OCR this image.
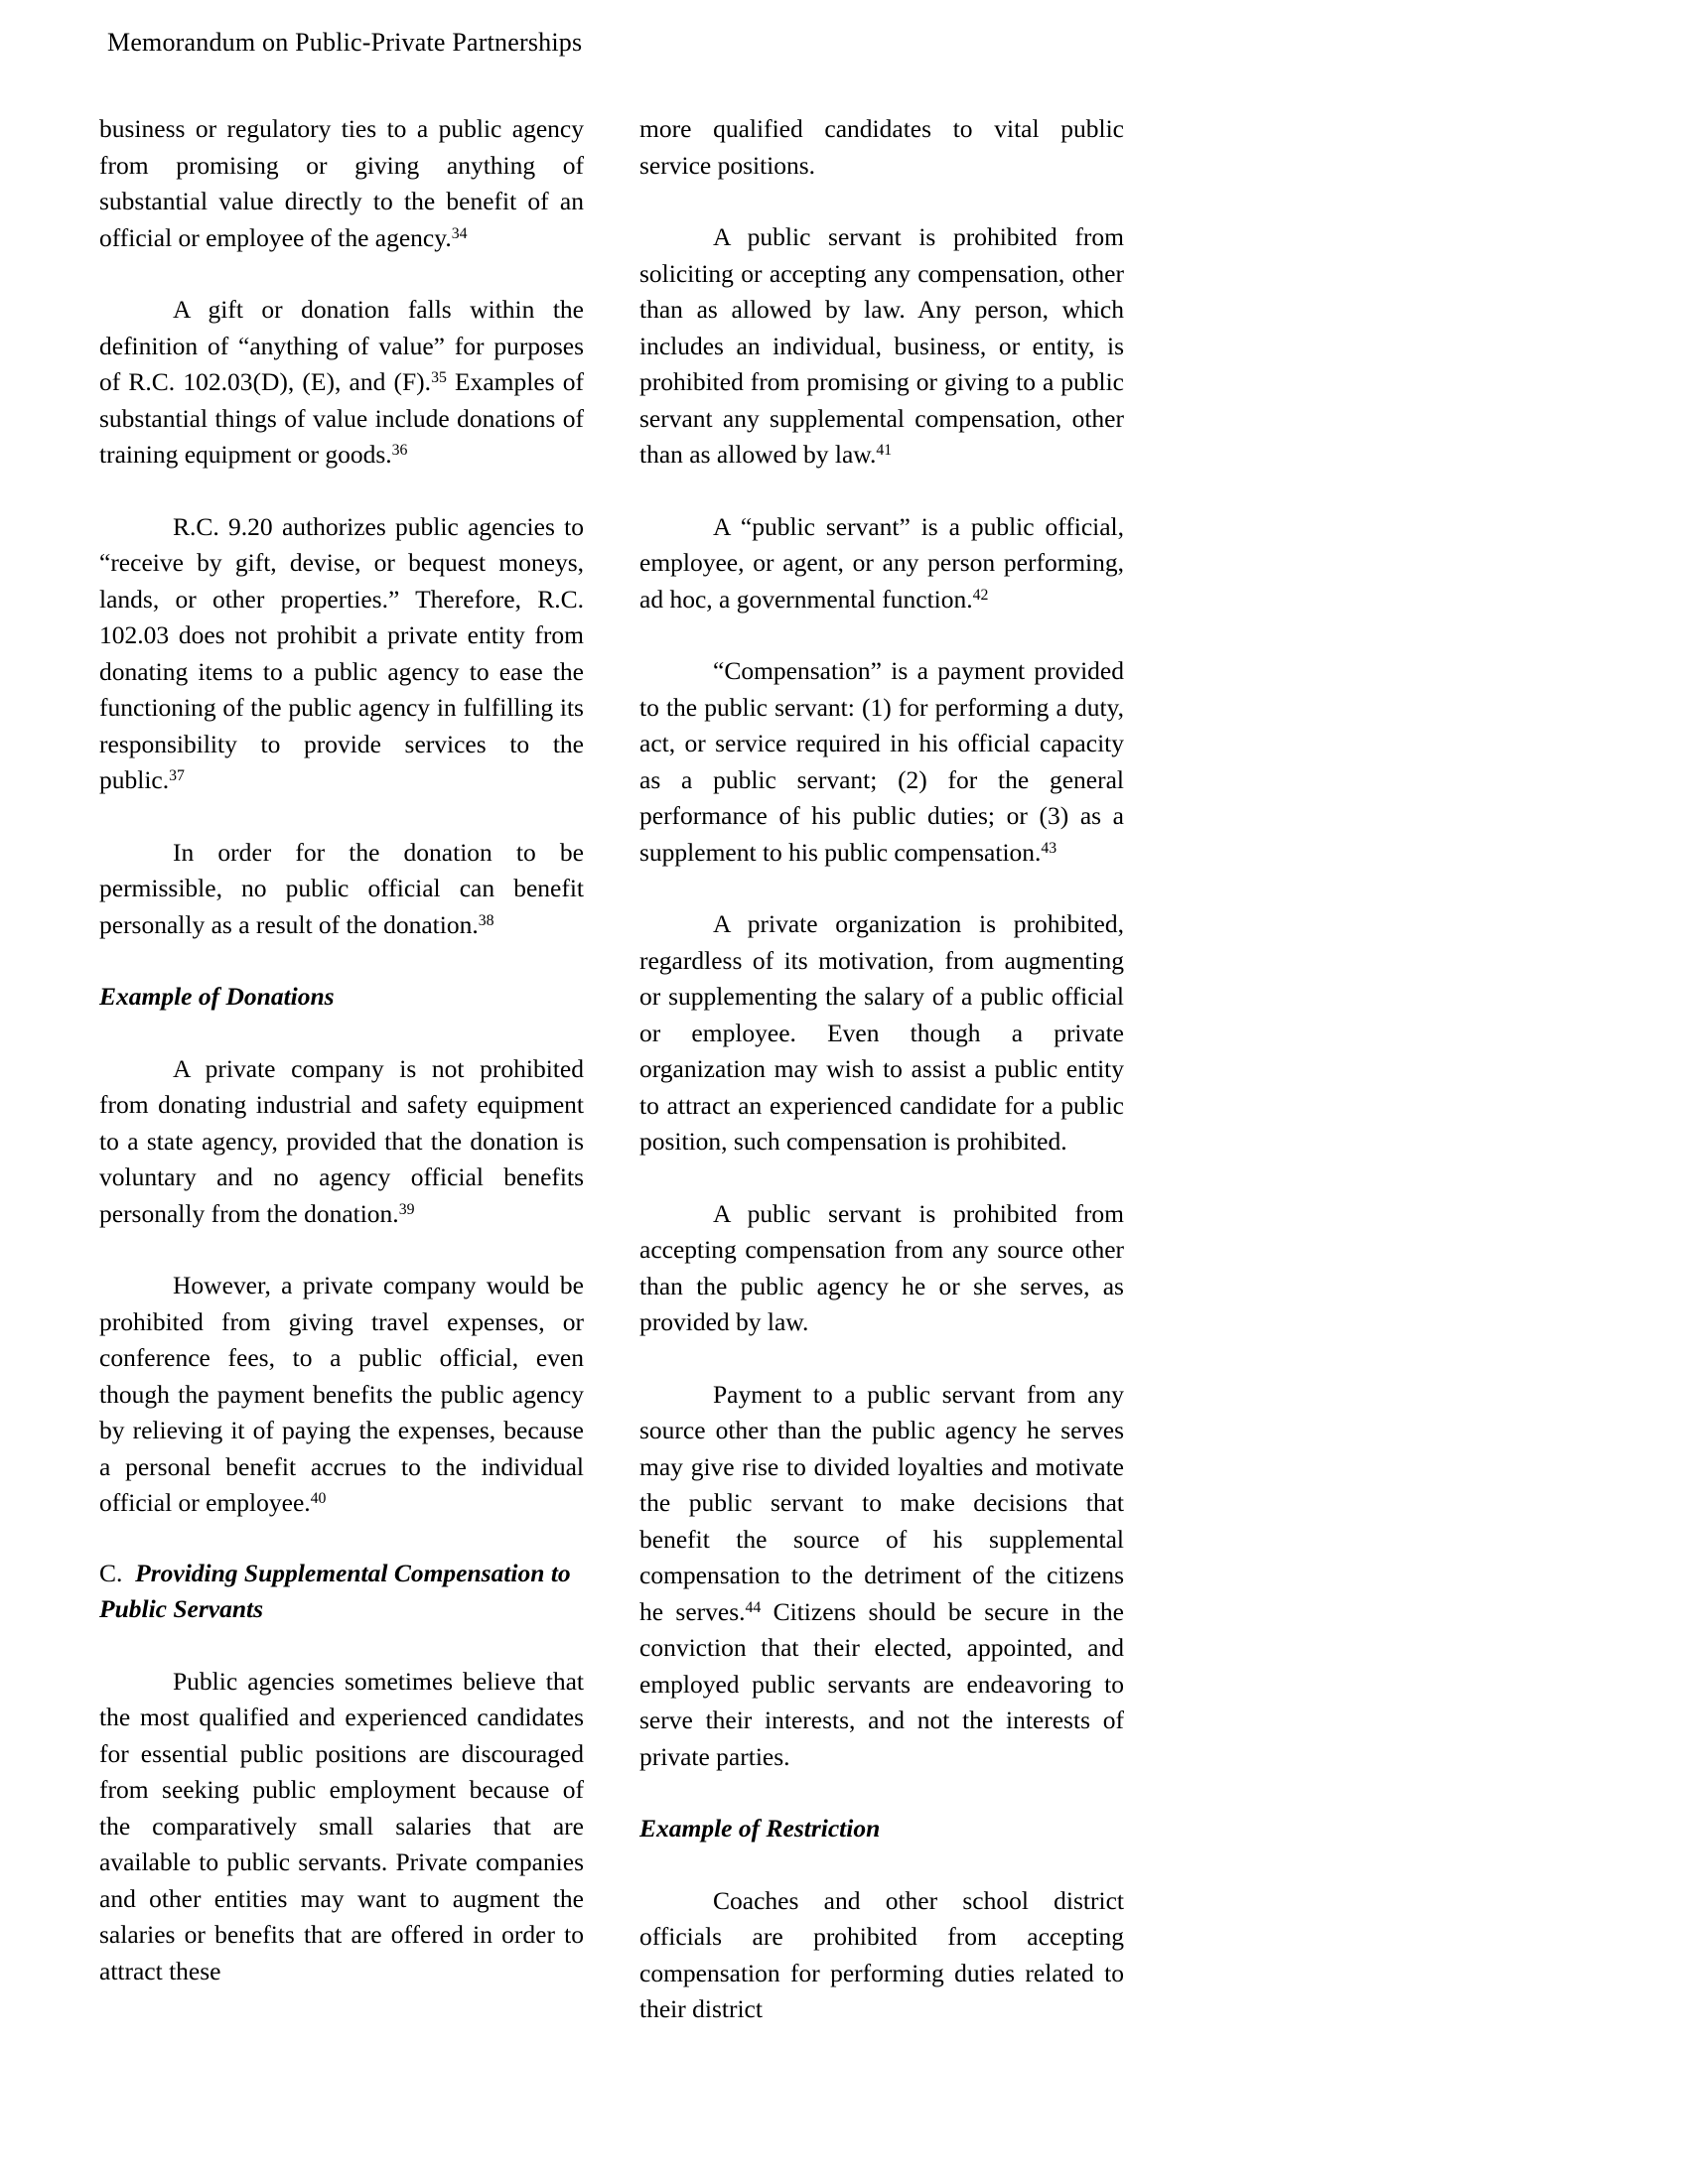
Memorandum on Public-Private Partnerships

business or regulatory ties to a public agency from promising or giving anything of substantial value directly to the benefit of an official or employee of the agency.$^{34}$

A gift or donation falls within the definition of “anything of value” for purposes of R.C. 102.03(D), (E), and (F).$^{35}$ Examples of substantial things of value include donations of training equipment or goods.$^{36}$

R.C. 9.20 authorizes public agencies to “receive by gift, devise, or bequest moneys, lands, or other properties.” Therefore, R.C. 102.03 does not prohibit a private entity from donating items to a public agency to ease the functioning of the public agency in fulfilling its responsibility to provide services to the public.$^{37}$

In order for the donation to be permissible, no public official can benefit personally as a result of the donation.$^{38}$

Example of Donations

A private company is not prohibited from donating industrial and safety equipment to a state agency, provided that the donation is voluntary and no agency official benefits personally from the donation.$^{39}$

However, a private company would be prohibited from giving travel expenses, or conference fees, to a public official, even though the payment benefits the public agency by relieving it of paying the expenses, because a personal benefit accrues to the individual official or employee.$^{40}$

C. Providing Supplemental Compensation to Public Servants

Public agencies sometimes believe that the most qualified and experienced candidates for essential public positions are discouraged from seeking public employment because of the comparatively small salaries that are available to public servants. Private companies and other entities may want to augment the salaries or benefits that are offered in order to attract these

more qualified candidates to vital public service positions.

A public servant is prohibited from soliciting or accepting any compensation, other than as allowed by law. Any person, which includes an individual, business, or entity, is prohibited from promising or giving to a public servant any supplemental compensation, other than as allowed by law.$^{41}$

A “public servant” is a public official, employee, or agent, or any person performing, ad hoc, a governmental function.$^{42}$

“Compensation” is a payment provided to the public servant: (1) for performing a duty, act, or service required in his official capacity as a public servant; (2) for the general performance of his public duties; or (3) as a supplement to his public compensation.$^{43}$

A private organization is prohibited, regardless of its motivation, from augmenting or supplementing the salary of a public official or employee. Even though a private organization may wish to assist a public entity to attract an experienced candidate for a public position, such compensation is prohibited.

A public servant is prohibited from accepting compensation from any source other than the public agency he or she serves, as provided by law.

Payment to a public servant from any source other than the public agency he serves may give rise to divided loyalties and motivate the public servant to make decisions that benefit the source of his supplemental compensation to the detriment of the citizens he serves.$^{44}$ Citizens should be secure in the conviction that their elected, appointed, and employed public servants are endeavoring to serve their interests, and not the interests of private parties.

Example of Restriction

Coaches and other school district officials are prohibited from accepting compensation for performing duties related to their district
